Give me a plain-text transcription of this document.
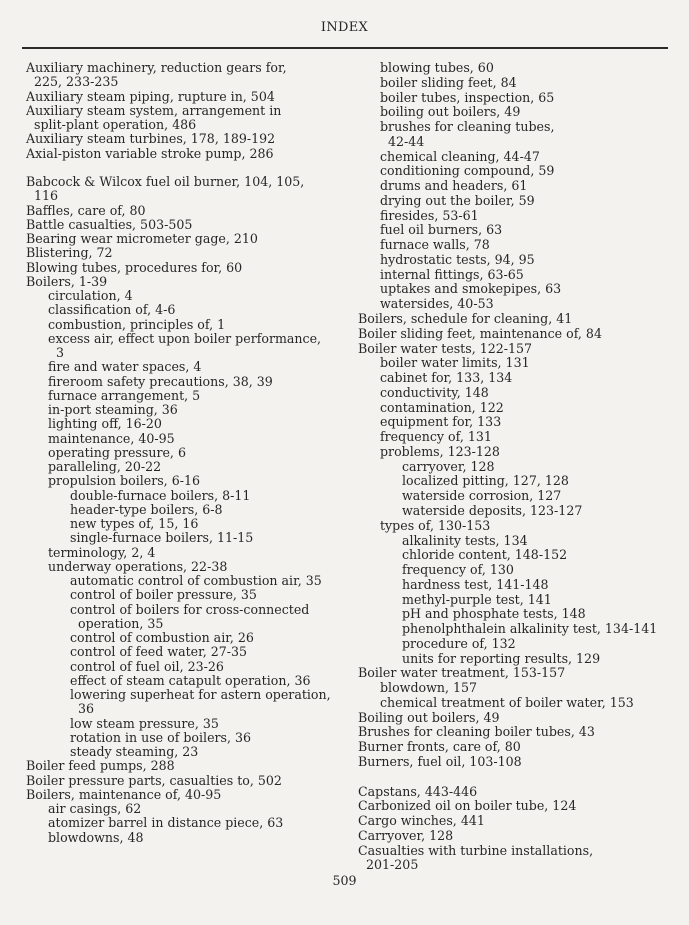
INDEX
Auxiliary machinery, reduction gears for,
225, 233-235
Auxiliary steam piping, rupture in, 504
Auxiliary steam system, arrangement in
split-plant operation, 486
Auxiliary steam turbines, 178, 189-192
Axial-piston variable stroke pump, 286
Babcock & Wilcox fuel oil burner, 104, 105,
116
Baffles, care of, 80
Battle casualties, 503-505
Bearing wear micrometer gage, 210
Blistering, 72
Blowing tubes, procedures for, 60
Boilers, 1-39
circulation, 4
classification of, 4-6
combustion, principles of, 1
excess air, effect upon boiler performance,
3
fire and water spaces, 4
fireroom safety precautions, 38, 39
furnace arrangement, 5
in-port steaming, 36
lighting off, 16-20
maintenance, 40-95
operating pressure, 6
paralleling, 20-22
propulsion boilers, 6-16
double-furnace boilers, 8-11
header-type boilers, 6-8
new types of, 15, 16
single-furnace boilers, 11-15
terminology, 2, 4
underway operations, 22-38
automatic control of combustion air, 35
control of boiler pressure, 35
control of boilers for cross-connected
operation, 35
control of combustion air, 26
control of feed water, 27-35
control of fuel oil, 23-26
effect of steam catapult operation, 36
lowering superheat for astern operation,
36
low steam pressure, 35
rotation in use of boilers, 36
steady steaming, 23
Boiler feed pumps, 288
Boiler pressure parts, casualties to, 502
Boilers, maintenance of, 40-95
air casings, 62
atomizer barrel in distance piece, 63
blowdowns, 48
blowing tubes, 60
boiler sliding feet, 84
boiler tubes, inspection, 65
boiling out boilers, 49
brushes for cleaning tubes,
42-44
chemical cleaning, 44-47
conditioning compound, 59
drums and headers, 61
drying out the boiler, 59
firesides, 53-61
fuel oil burners, 63
furnace walls, 78
hydrostatic tests, 94, 95
internal fittings, 63-65
uptakes and smokepipes, 63
watersides, 40-53
Boilers, schedule for cleaning, 41
Boiler sliding feet, maintenance of, 84
Boiler water tests, 122-157
boiler water limits, 131
cabinet for, 133, 134
conductivity, 148
contamination, 122
equipment for, 133
frequency of, 131
problems, 123-128
carryover, 128
localized pitting, 127, 128
waterside corrosion, 127
waterside deposits, 123-127
types of, 130-153
alkalinity tests, 134
chloride content, 148-152
frequency of, 130
hardness test, 141-148
methyl-purple test, 141
pH and phosphate tests, 148
phenolphthalein alkalinity test, 134-141
procedure of, 132
units for reporting results, 129
Boiler water treatment, 153-157
blowdown, 157
chemical treatment of boiler water, 153
Boiling out boilers, 49
Brushes for cleaning boiler tubes, 43
Burner fronts, care of, 80
Burners, fuel oil, 103-108
Capstans, 443-446
Carbonized oil on boiler tube, 124
Cargo winches, 441
Carryover, 128
Casualties with turbine installations,
201-205
509
